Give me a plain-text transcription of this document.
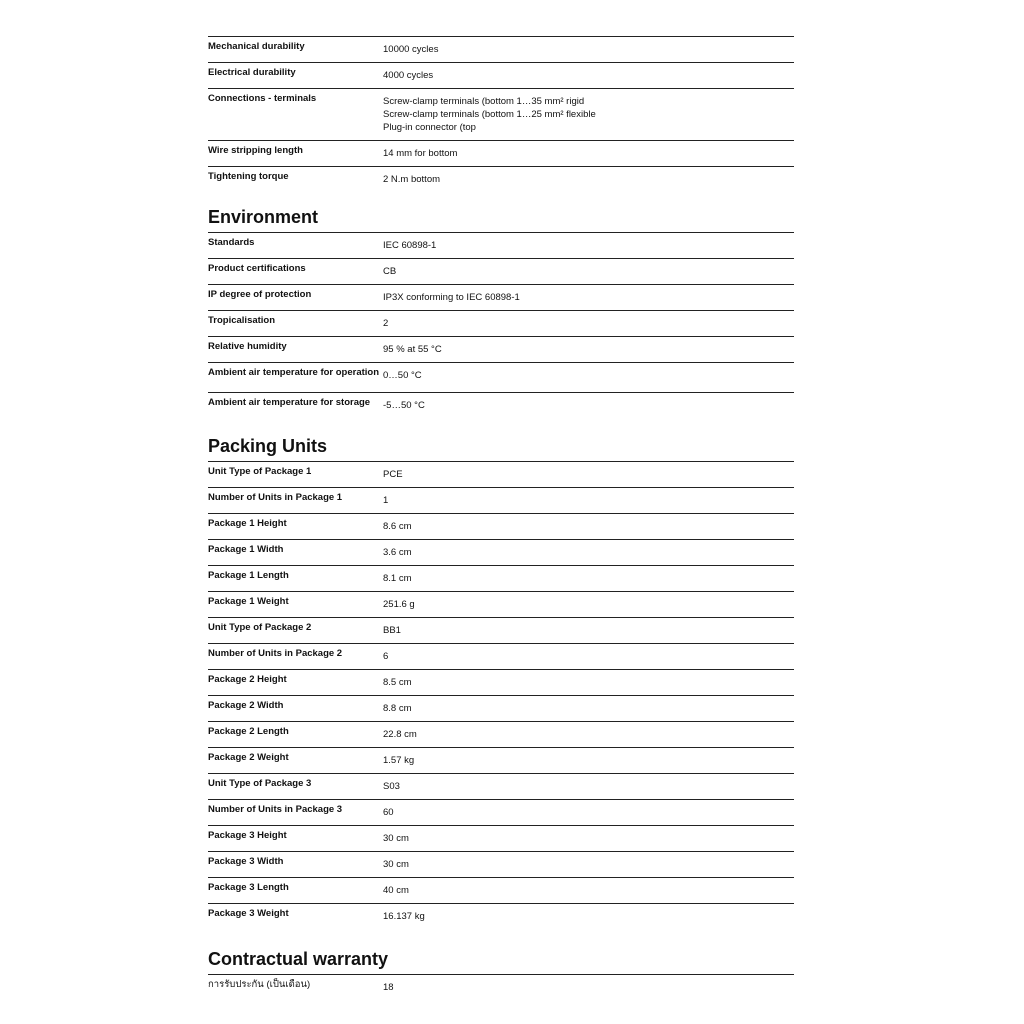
Mechanical durability	10000 cycles
Electrical durability	4000 cycles
Connections - terminals	Screw-clamp terminals (bottom 1…35 mm² rigid
Screw-clamp terminals (bottom 1…25 mm² flexible
Plug-in connector (top
Wire stripping length	14 mm for bottom
Tightening torque	2 N.m bottom
Environment
Standards	IEC 60898-1
Product certifications	CB
IP degree of protection	IP3X conforming to IEC 60898-1
Tropicalisation	2
Relative humidity	95 % at 55 °C
Ambient air temperature for operation 0…50 °C
Ambient air temperature for storage	-5…50 °C
Packing Units
Unit Type of Package 1	PCE
Number of Units in Package 1	1
Package 1 Height	8.6 cm
Package 1 Width	3.6 cm
Package 1 Length	8.1 cm
Package 1 Weight	251.6 g
Unit Type of Package 2	BB1
Number of Units in Package 2	6
Package 2 Height	8.5 cm
Package 2 Width	8.8 cm
Package 2 Length	22.8 cm
Package 2 Weight	1.57 kg
Unit Type of Package 3	S03
Number of Units in Package 3	60
Package 3 Height	30 cm
Package 3 Width	30 cm
Package 3 Length	40 cm
Package 3 Weight	16.137 kg
Contractual warranty
การรับประกัน (เป็นเดือน)	18
